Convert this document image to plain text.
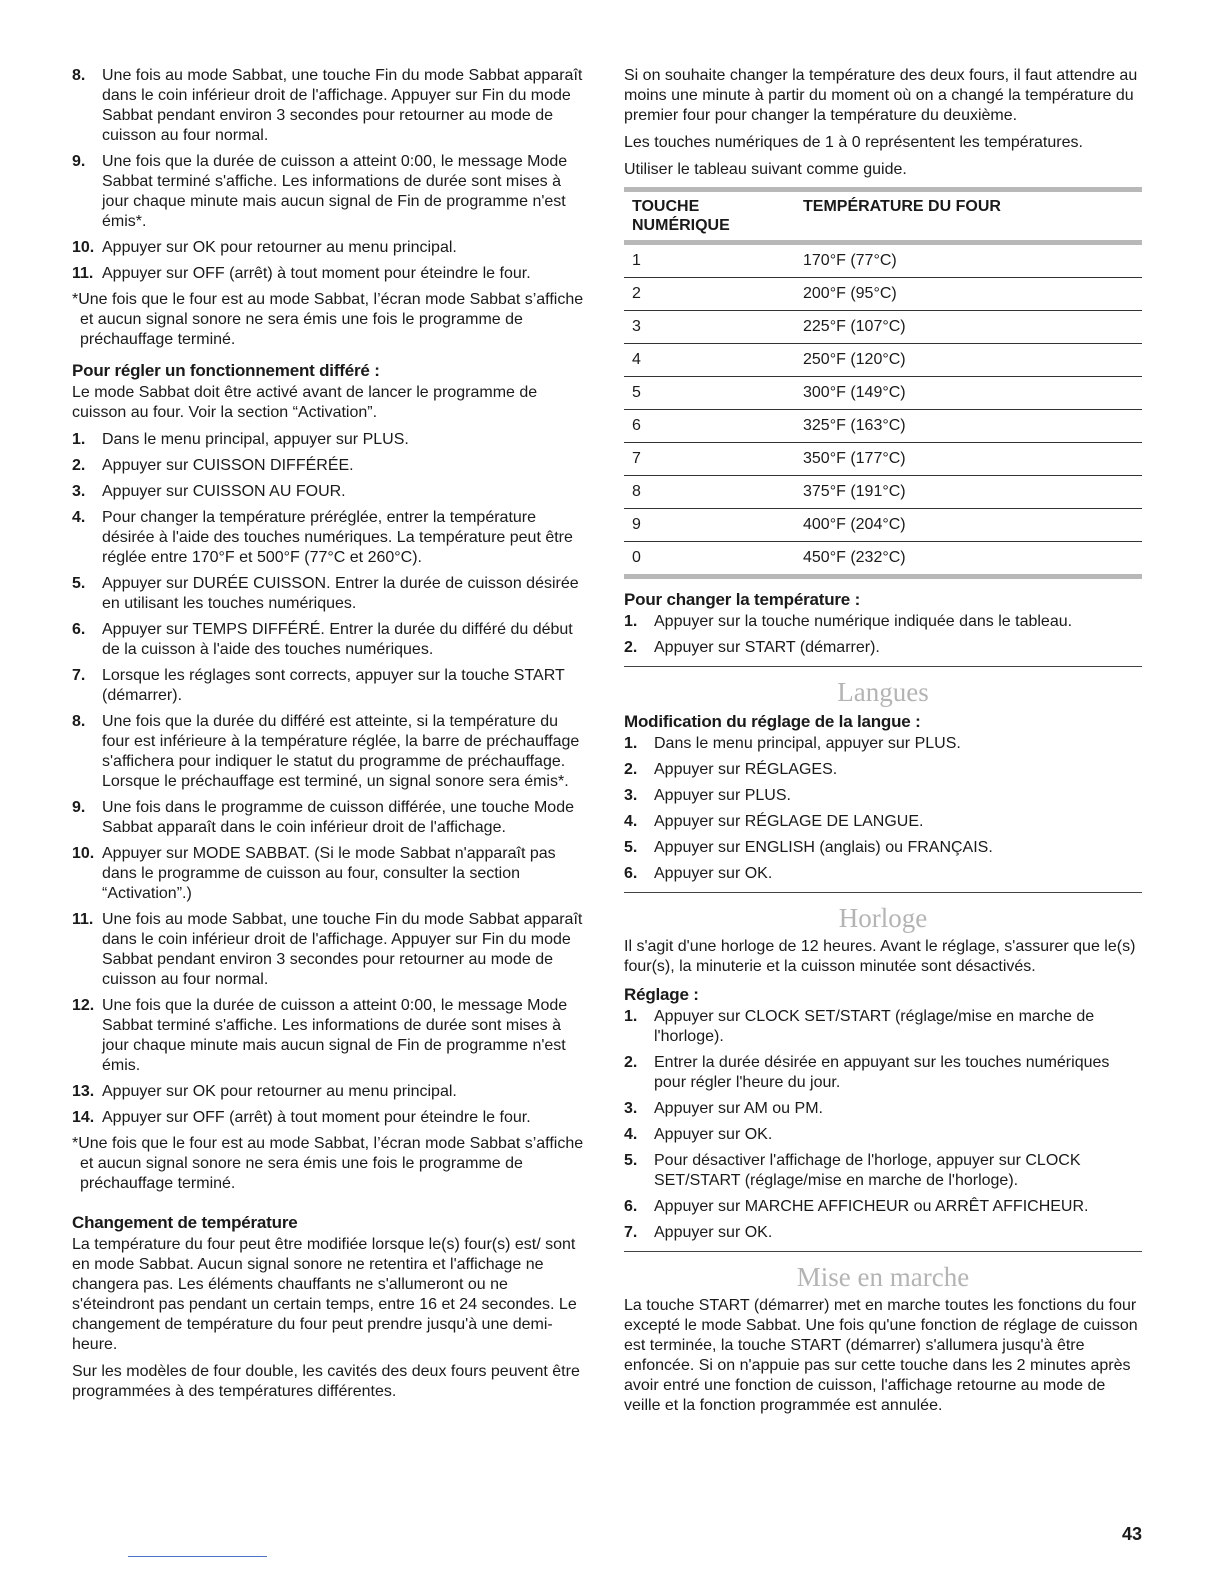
8. Une fois au mode Sabbat, une touche Fin du mode Sabbat apparaît dans le coin inférieur droit de l'affichage. Appuyer sur Fin du mode Sabbat pendant environ 3 secondes pour retourner au mode de cuisson au four normal.
9. Une fois que la durée de cuisson a atteint 0:00, le message Mode Sabbat terminé s'affiche. Les informations de durée sont mises à jour chaque minute mais aucun signal de Fin de programme n'est émis*.
10. Appuyer sur OK pour retourner au menu principal.
11. Appuyer sur OFF (arrêt) à tout moment pour éteindre le four.

*Une fois que le four est au mode Sabbat, l’écran mode Sabbat s’affiche et aucun signal sonore ne sera émis une fois le programme de préchauffage terminé.

Pour régler un fonctionnement différé :

Le mode Sabbat doit être activé avant de lancer le programme de cuisson au four. Voir la section “Activation”.

1. Dans le menu principal, appuyer sur PLUS.
2. Appuyer sur CUISSON DIFFÉRÉE.
3. Appuyer sur CUISSON AU FOUR.
4. Pour changer la température préréglée, entrer la température désirée à l'aide des touches numériques. La température peut être réglée entre 170°F et 500°F (77°C et 260°C).
5. Appuyer sur DURÉE CUISSON. Entrer la durée de cuisson désirée en utilisant les touches numériques.
6. Appuyer sur TEMPS DIFFÉRÉ. Entrer la durée du différé du début de la cuisson à l'aide des touches numériques.
7. Lorsque les réglages sont corrects, appuyer sur la touche START (démarrer).
8. Une fois que la durée du différé est atteinte, si la température du four est inférieure à la température réglée, la barre de préchauffage s'affichera pour indiquer le statut du programme de préchauffage. Lorsque le préchauffage est terminé, un signal sonore sera émis*.
9. Une fois dans le programme de cuisson différée, une touche Mode Sabbat apparaît dans le coin inférieur droit de l'affichage.
10. Appuyer sur MODE SABBAT. (Si le mode Sabbat n'apparaît pas dans le programme de cuisson au four, consulter la section “Activation”.)
11. Une fois au mode Sabbat, une touche Fin du mode Sabbat apparaît dans le coin inférieur droit de l'affichage. Appuyer sur Fin du mode Sabbat pendant environ 3 secondes pour retourner au mode de cuisson au four normal.
12. Une fois que la durée de cuisson a atteint 0:00, le message Mode Sabbat terminé s'affiche. Les informations de durée sont mises à jour chaque minute mais aucun signal de Fin de programme n'est émis.
13. Appuyer sur OK pour retourner au menu principal.
14. Appuyer sur OFF (arrêt) à tout moment pour éteindre le four.

*Une fois que le four est au mode Sabbat, l’écran mode Sabbat s’affiche et aucun signal sonore ne sera émis une fois le programme de préchauffage terminé.

Changement de température

La température du four peut être modifiée lorsque le(s) four(s) est/ sont en mode Sabbat. Aucun signal sonore ne retentira et l'affichage ne changera pas. Les éléments chauffants ne s'allumeront ou ne s'éteindront pas pendant un certain temps, entre 16 et 24 secondes. Le changement de température du four peut prendre jusqu'à une demi-heure.

Sur les modèles de four double, les cavités des deux fours peuvent être programmées à des températures différentes.

Si on souhaite changer la température des deux fours, il faut attendre au moins une minute à partir du moment où on a changé la température du premier four pour changer la température du deuxième.

Les touches numériques de 1 à 0 représentent les températures.

Utiliser le tableau suivant comme guide.

TOUCHE NUMÉRIQUE	TEMPÉRATURE DU FOUR
1	170°F (77°C)
2	200°F (95°C)
3	225°F (107°C)
4	250°F (120°C)
5	300°F (149°C)
6	325°F (163°C)
7	350°F (177°C)
8	375°F (191°C)
9	400°F (204°C)
0	450°F (232°C)
Pour changer la température :
1. Appuyer sur la touche numérique indiquée dans le tableau.
2. Appuyer sur START (démarrer).
Langues
Modification du réglage de la langue :
1. Dans le menu principal, appuyer sur PLUS.
2. Appuyer sur RÉGLAGES.
3. Appuyer sur PLUS.
4. Appuyer sur RÉGLAGE DE LANGUE.
5. Appuyer sur ENGLISH (anglais) ou FRANÇAIS.
6. Appuyer sur OK.
Horloge

Il s'agit d'une horloge de 12 heures. Avant le réglage, s'assurer que le(s) four(s), la minuterie et la cuisson minutée sont désactivés.

Réglage :
1. Appuyer sur CLOCK SET/START (réglage/mise en marche de l'horloge).
2. Entrer la durée désirée en appuyant sur les touches numériques pour régler l'heure du jour.
3. Appuyer sur AM ou PM.
4. Appuyer sur OK.
5. Pour désactiver l'affichage de l'horloge, appuyer sur CLOCK SET/START (réglage/mise en marche de l'horloge).
6. Appuyer sur MARCHE AFFICHEUR ou ARRÊT AFFICHEUR.
7. Appuyer sur OK.
Mise en marche

La touche START (démarrer) met en marche toutes les fonctions du four excepté le mode Sabbat. Une fois qu'une fonction de réglage de cuisson est terminée, la touche START (démarrer) s'allumera jusqu'à être enfoncée. Si on n'appuie pas sur cette touche dans les 2 minutes après avoir entré une fonction de cuisson, l'affichage retourne au mode de veille et la fonction programmée est annulée.

43
